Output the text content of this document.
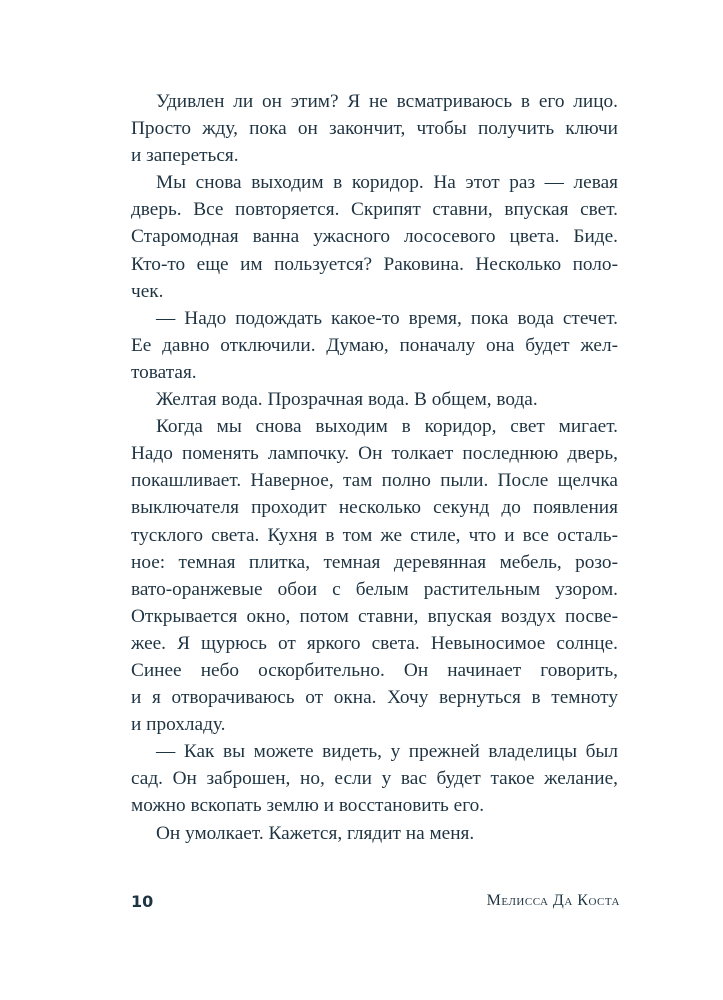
Удивлен ли он этим? Я не всматриваюсь в его лицо.
Просто жду, пока он закончит, чтобы получить ключи
и запереться.
Мы снова выходим в коридор. На этот раз — левая
дверь. Все повторяется. Скрипят ставни, впуская свет.
Старомодная ванна ужасного лососевого цвета. Биде.
Кто-то еще им пользуется? Раковина. Несколько поло-
чек.
— Надо подождать какое-то время, пока вода стечет.
Ее давно отключили. Думаю, поначалу она будет жел-
товатая.
Желтая вода. Прозрачная вода. В общем, вода.
Когда мы снова выходим в коридор, свет мигает.
Надо поменять лампочку. Он толкает последнюю дверь,
покашливает. Наверное, там полно пыли. После щелчка
выключателя проходит несколько секунд до появления
тусклого света. Кухня в том же стиле, что и все осталь-
ное: темная плитка, темная деревянная мебель, розо-
вато-оранжевые обои с белым растительным узором.
Открывается окно, потом ставни, впуская воздух посве-
жее. Я щурюсь от яркого света. Невыносимое солнце.
Синее небо оскорбительно. Он начинает говорить,
и я отворачиваюсь от окна. Хочу вернуться в темноту
и прохладу.
— Как вы можете видеть, у прежней владелицы был
сад. Он заброшен, но, если у вас будет такое желание,
можно вскопать землю и восстановить его.
Он умолкает. Кажется, глядит на меня.
10	Мелисса Да Коста
